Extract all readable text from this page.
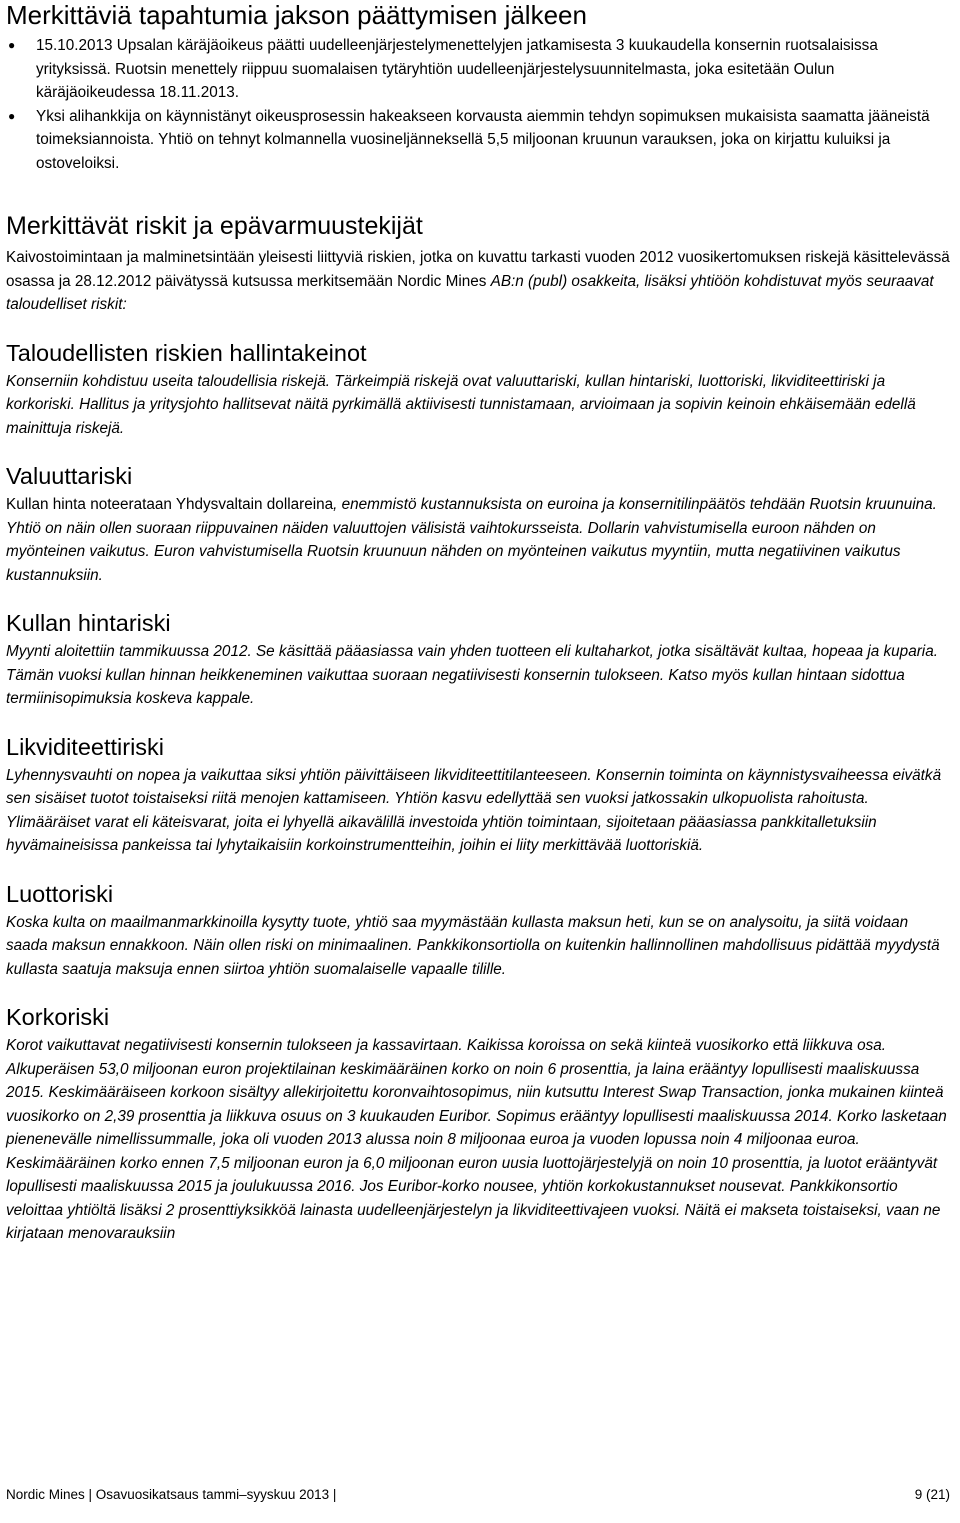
Merkittäviä tapahtumia jakson päättymisen jälkeen
● 15.10.2013 Upsalan käräjäoikeus päätti uudelleenjärjestelymenettelyjen jatkamisesta 3 kuukaudella konsernin ruotsalaisissa yrityksissä. Ruotsin menettely riippuu suomalaisen tytäryhtiön uudelleenjärjestelysuunnitelmasta, joka esitetään Oulun käräjäoikeudessa 18.11.2013.
● Yksi alihankkija on käynnistänyt oikeusprosessin hakeakseen korvausta aiemmin tehdyn sopimuksen mukaisista saamatta jääneistä toimeksiannoista. Yhtiö on tehnyt kolmannella vuosineljänneksellä 5,5 miljoonan kruunun varauksen, joka on kirjattu kuluiksi ja ostoveloiksi.
Merkittävät riskit ja epävarmuustekijät

Kaivostoimintaan ja malminetsintään yleisesti liittyviä riskien, jotka on kuvattu tarkasti vuoden 2012 vuosikertomuksen riskejä käsittelevässä osassa ja 28.12.2012 päivätyssä kutsussa merkitsemään Nordic Mines AB:n (publ) osakkeita, lisäksi yhtiöön kohdistuvat myös seuraavat taloudelliset riskit:

Taloudellisten riskien hallintakeinot

Konserniin kohdistuu useita taloudellisia riskejä. Tärkeimpiä riskejä ovat valuuttariski, kullan hintariski, luottoriski, likviditeettiriski ja korkoriski. Hallitus ja yritysjohto hallitsevat näitä pyrkimällä aktiivisesti tunnistamaan, arvioimaan ja sopivin keinoin ehkäisemään edellä mainittuja riskejä.

Valuuttariski

Kullan hinta noteerataan Yhdysvaltain dollareina, enemmistö kustannuksista on euroina ja konsernitilinpäätös tehdään Ruotsin kruunuina. Yhtiö on näin ollen suoraan riippuvainen näiden valuuttojen välisistä vaihtokursseista. Dollarin vahvistumisella euroon nähden on myönteinen vaikutus. Euron vahvistumisella Ruotsin kruunuun nähden on myönteinen vaikutus myyntiin, mutta negatiivinen vaikutus kustannuksiin.

Kullan hintariski

Myynti aloitettiin tammikuussa 2012. Se käsittää pääasiassa vain yhden tuotteen eli kultaharkot, jotka sisältävät kultaa, hopeaa ja kuparia. Tämän vuoksi kullan hinnan heikkeneminen vaikuttaa suoraan negatiivisesti konsernin tulokseen. Katso myös kullan hintaan sidottua termiinisopimuksia koskeva kappale.

Likviditeettiriski

Lyhennysvauhti on nopea ja vaikuttaa siksi yhtiön päivittäiseen likviditeettitilanteeseen. Konsernin toiminta on käynnistysvaiheessa eivätkä sen sisäiset tuotot toistaiseksi riitä menojen kattamiseen. Yhtiön kasvu edellyttää sen vuoksi jatkossakin ulkopuolista rahoitusta. Ylimääräiset varat eli käteisvarat, joita ei lyhyellä aikavälillä investoida yhtiön toimintaan, sijoitetaan pääasiassa pankkitalletuksiin hyvämaineisissa pankeissa tai lyhytaikaisiin korkoinstrumentteihin, joihin ei liity merkittävää luottoriskiä.

Luottoriski

Koska kulta on maailmanmarkkinoilla kysytty tuote, yhtiö saa myymästään kullasta maksun heti, kun se on analysoitu, ja siitä voidaan saada maksun ennakkoon. Näin ollen riski on minimaalinen. Pankkikonsortiolla on kuitenkin hallinnollinen mahdollisuus pidättää myydystä kullasta saatuja maksuja ennen siirtoa yhtiön suomalaiselle vapaalle tilille.

Korkoriski

Korot vaikuttavat negatiivisesti konsernin tulokseen ja kassavirtaan. Kaikissa koroissa on sekä kiinteä vuosikorko että liikkuva osa. Alkuperäisen 53,0 miljoonan euron projektilainan keskimääräinen korko on noin 6 prosenttia, ja laina erääntyy lopullisesti maaliskuussa 2015. Keskimääräiseen korkoon sisältyy allekirjoitettu koronvaihtosopimus, niin kutsuttu Interest Swap Transaction, jonka mukainen kiinteä vuosikorko on 2,39 prosenttia ja liikkuva osuus on 3 kuukauden Euribor. Sopimus erääntyy lopullisesti maaliskuussa 2014. Korko lasketaan pienenevälle nimellissummalle, joka oli vuoden 2013 alussa noin 8 miljoonaa euroa ja vuoden lopussa noin 4 miljoonaa euroa. Keskimääräinen korko ennen 7,5 miljoonan euron ja 6,0 miljoonan euron uusia luottojärjestelyjä on noin 10 prosenttia, ja luotot erääntyvät lopullisesti maaliskuussa 2015 ja joulukuussa 2016. Jos Euribor-korko nousee, yhtiön korkokustannukset nousevat. Pankkikonsortio veloittaa yhtiöltä lisäksi 2 prosenttiyksikköä lainasta uudelleenjärjestelyn ja likviditeettivajeen vuoksi. Näitä ei makseta toistaiseksi, vaan ne kirjataan menovarauksiin

Nordic Mines | Osavuosikatsaus tammi–syyskuu 2013 |	9 (21)
